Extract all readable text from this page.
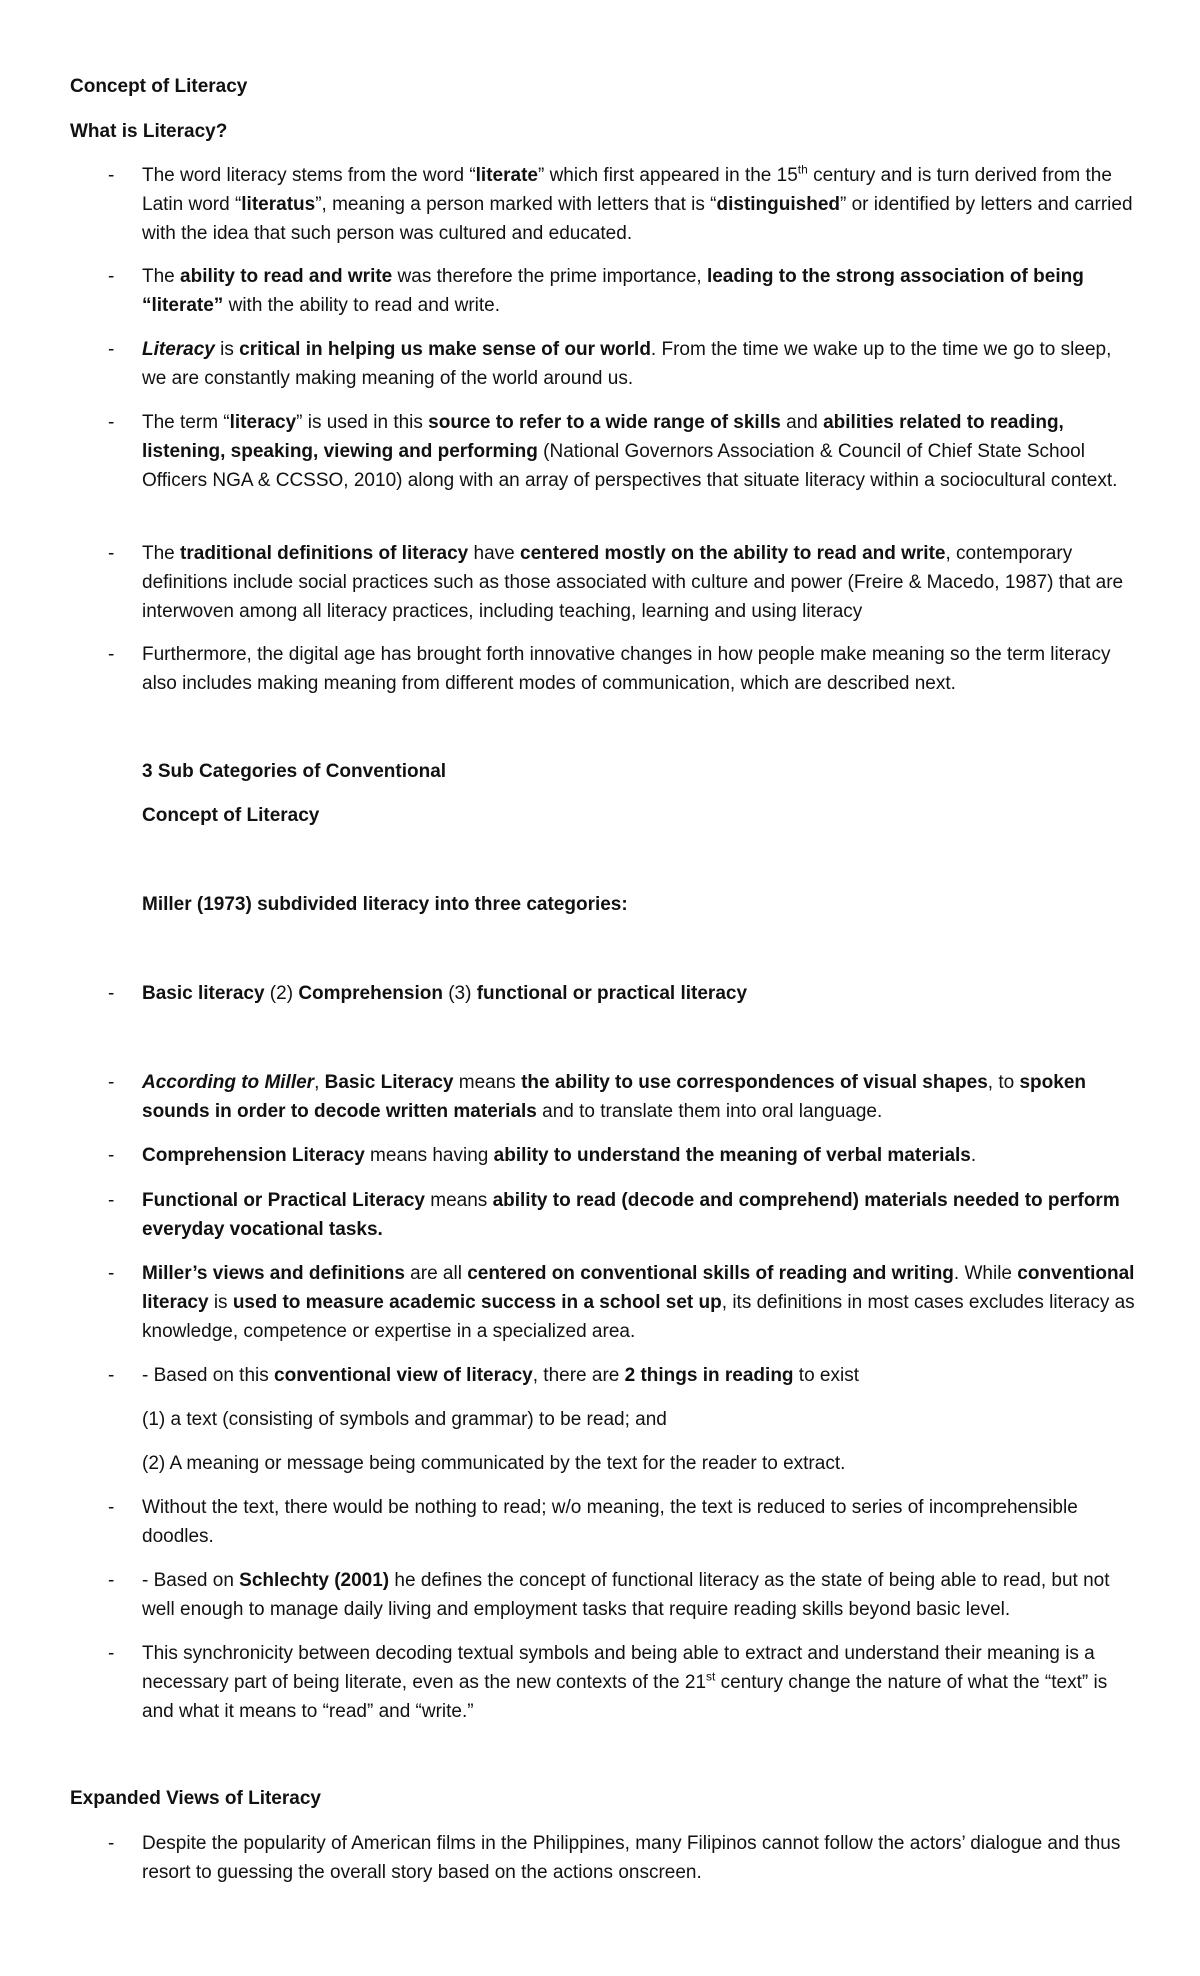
Concept of Literacy
What is Literacy?
-	The word literacy stems from the word “literate” which first appeared in the 15th century and is turn derived from the Latin word “literatus”, meaning a person marked with letters that is “distinguished” or identified by letters and carried with the idea that such person was cultured and educated.
-	The ability to read and write was therefore the prime importance, leading to the strong association of being “literate” with the ability to read and write.
-	Literacy is critical in helping us make sense of our world. From the time we wake up to the time we go to sleep, we are constantly making meaning of the world around us.
-	The term “literacy” is used in this source to refer to a wide range of skills and abilities related to reading, listening, speaking, viewing and performing (National Governors Association & Council of Chief State School Officers NGA & CCSSO, 2010) along with an array of perspectives that situate literacy within a sociocultural context.
-	The traditional definitions of literacy have centered mostly on the ability to read and write, contemporary definitions include social practices such as those associated with culture and power (Freire & Macedo, 1987) that are interwoven among all literacy practices, including teaching, learning and using literacy
-	Furthermore, the digital age has brought forth innovative changes in how people make meaning so the term literacy also includes making meaning from different modes of communication, which are described next.
3 Sub Categories of Conventional
Concept of Literacy
Miller (1973) subdivided literacy into three categories:
-	Basic literacy (2) Comprehension (3) functional or practical literacy
-	According to Miller, Basic Literacy means the ability to use correspondences of visual shapes, to spoken sounds in order to decode written materials and to translate them into oral language.
-	Comprehension Literacy means having ability to understand the meaning of verbal materials.
-	Functional or Practical Literacy means ability to read (decode and comprehend) materials needed to perform everyday vocational tasks.
-	Miller’s views and definitions are all centered on conventional skills of reading and writing. While conventional literacy is used to measure academic success in a school set up, its definitions in most cases excludes literacy as knowledge, competence or expertise in a specialized area.
-	- Based on this conventional view of literacy, there are 2 things in reading to exist
(1) a text (consisting of symbols and grammar) to be read; and
(2) A meaning or message being communicated by the text for the reader to extract.
-	Without the text, there would be nothing to read; w/o meaning, the text is reduced to series of incomprehensible doodles.
-	- Based on Schlechty (2001) he defines the concept of functional literacy as the state of being able to read, but not well enough to manage daily living and employment tasks that require reading skills beyond basic level.
-	This synchronicity between decoding textual symbols and being able to extract and understand their meaning is a necessary part of being literate, even as the new contexts of the 21st century change the nature of what the “text” is and what it means to “read” and “write.”
Expanded Views of Literacy
-	Despite the popularity of American films in the Philippines, many Filipinos cannot follow the actors’ dialogue and thus resort to guessing the overall story based on the actions onscreen.
